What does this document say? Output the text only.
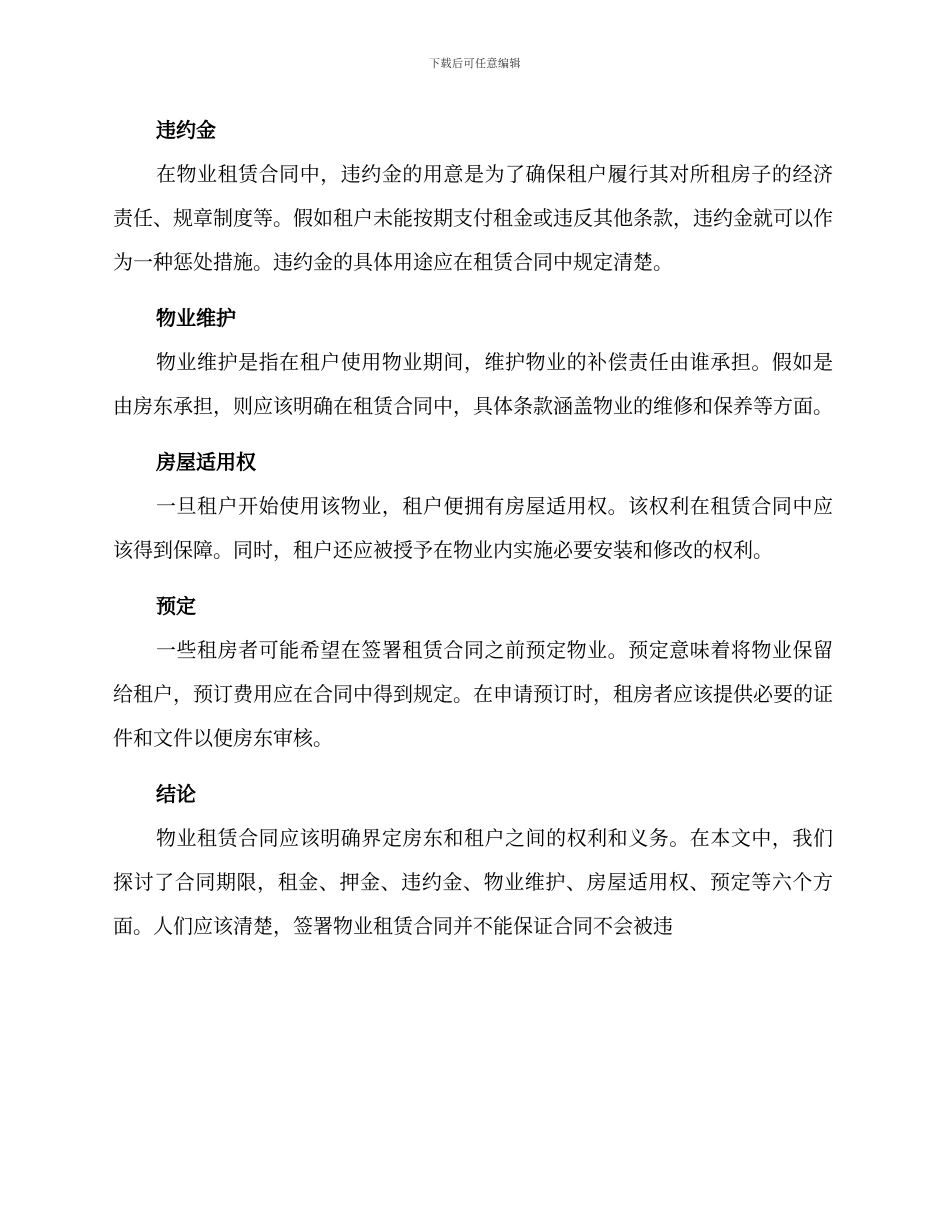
下载后可任意编辑
违约金

在物业租赁合同中，违约金的用意是为了确保租户履行其对所租房子的经济责任、规章制度等。假如租户未能按期支付租金或违反其他条款，违约金就可以作为一种惩处措施。违约金的具体用途应在租赁合同中规定清楚。

物业维护

物业维护是指在租户使用物业期间，维护物业的补偿责任由谁承担。假如是由房东承担，则应该明确在租赁合同中，具体条款涵盖物业的维修和保养等方面。

房屋适用权

一旦租户开始使用该物业，租户便拥有房屋适用权。该权利在租赁合同中应该得到保障。同时，租户还应被授予在物业内实施必要安装和修改的权利。

预定

一些租房者可能希望在签署租赁合同之前预定物业。预定意味着将物业保留给租户，预订费用应在合同中得到规定。在申请预订时，租房者应该提供必要的证件和文件以便房东审核。

结论

物业租赁合同应该明确界定房东和租户之间的权利和义务。在本文中，我们探讨了合同期限，租金、押金、违约金、物业维护、房屋适用权、预定等六个方面。人们应该清楚，签署物业租赁合同并不能保证合同不会被违
